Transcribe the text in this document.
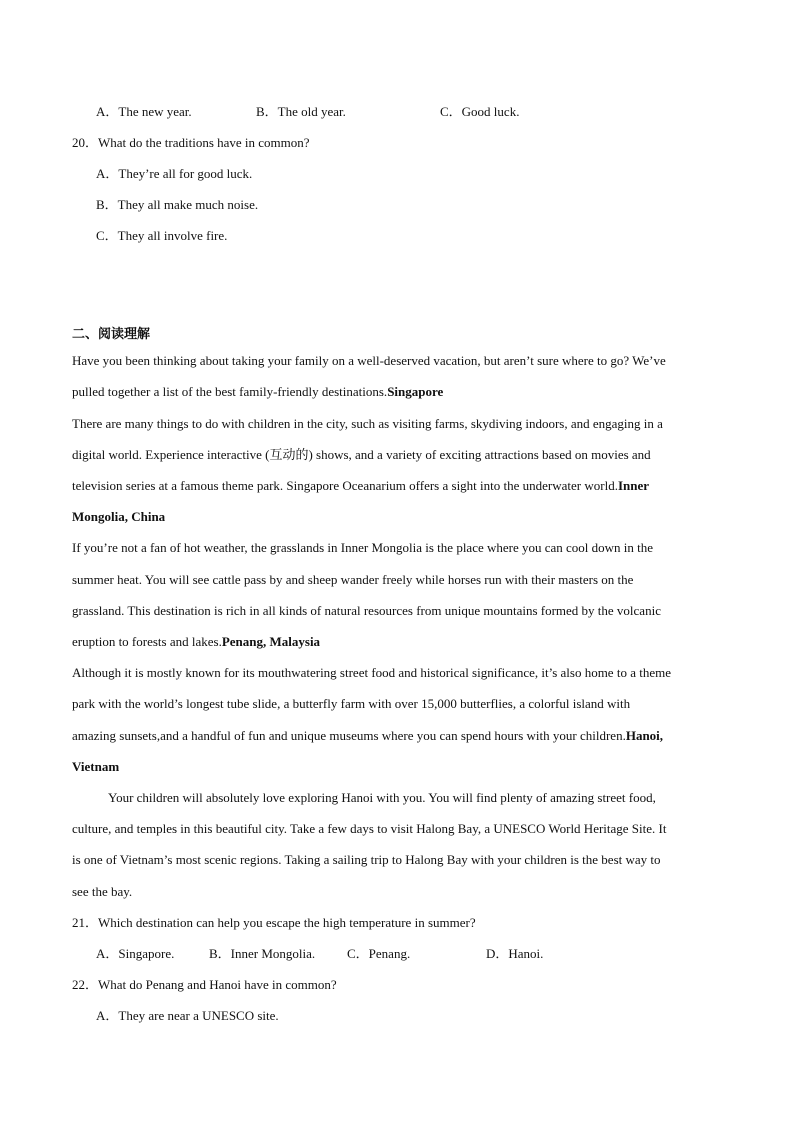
A．The new year.	B．The old year.	C．Good luck.
20．What do the traditions have in common?
A．They’re all for good luck.
B．They all make much noise.
C．They all involve fire.
二、阅读理解
Have you been thinking about taking your family on a well-deserved vacation, but aren’t sure where to go? We’ve
pulled together a list of the best family-friendly destinations.Singapore
There are many things to do with children in the city, such as visiting farms, skydiving indoors, and engaging in a
digital world. Experience interactive (互动的) shows, and a variety of exciting attractions based on movies and
television series at a famous theme park. Singapore Oceanarium offers a sight into the underwater world.Inner
Mongolia, China
If you’re not a fan of hot weather, the grasslands in Inner Mongolia is the place where you can cool down in the
summer heat. You will see cattle pass by and sheep wander freely while horses run with their masters on the
grassland. This destination is rich in all kinds of natural resources from unique mountains formed by the volcanic
eruption to forests and lakes.Penang, Malaysia
Although it is mostly known for its mouthwatering street food and historical significance, it’s also home to a theme
park with the world’s longest tube slide, a butterfly farm with over 15,000 butterflies, a colorful island with
amazing sunsets,and a handful of fun and unique museums where you can spend hours with your children.Hanoi,
Vietnam
Your children will absolutely love exploring Hanoi with you. You will find plenty of amazing street food,
culture, and temples in this beautiful city. Take a few days to visit Halong Bay, a UNESCO World Heritage Site. It
is one of Vietnam’s most scenic regions. Taking a sailing trip to Halong Bay with your children is the best way to
see the bay.
21．Which destination can help you escape the high temperature in summer?
A．Singapore.	B．Inner Mongolia. C．Penang.	D．Hanoi.
22．What do Penang and Hanoi have in common?
A．They are near a UNESCO site.
